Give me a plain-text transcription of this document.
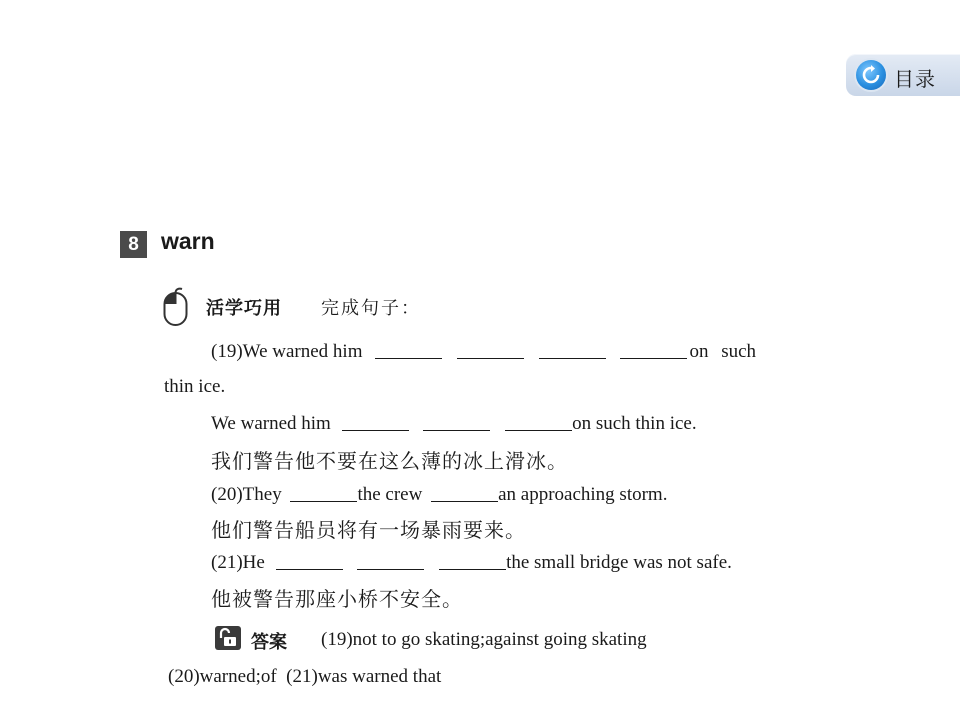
目录
8 warn
活学巧用 完成句子：
(19)We warned him	on such
thin ice.
We warned him	on such thin ice.
我们警告他不要在这么薄的冰上滑冰。
(20)They	the crew	an approaching storm.
他们警告船员将有一场暴雨要来。
(21)He	the small bridge was not safe.
他被警告那座小桥不安全。
答案 (19)not to go skating;against going skating
(20)warned;of  (21)was warned that
